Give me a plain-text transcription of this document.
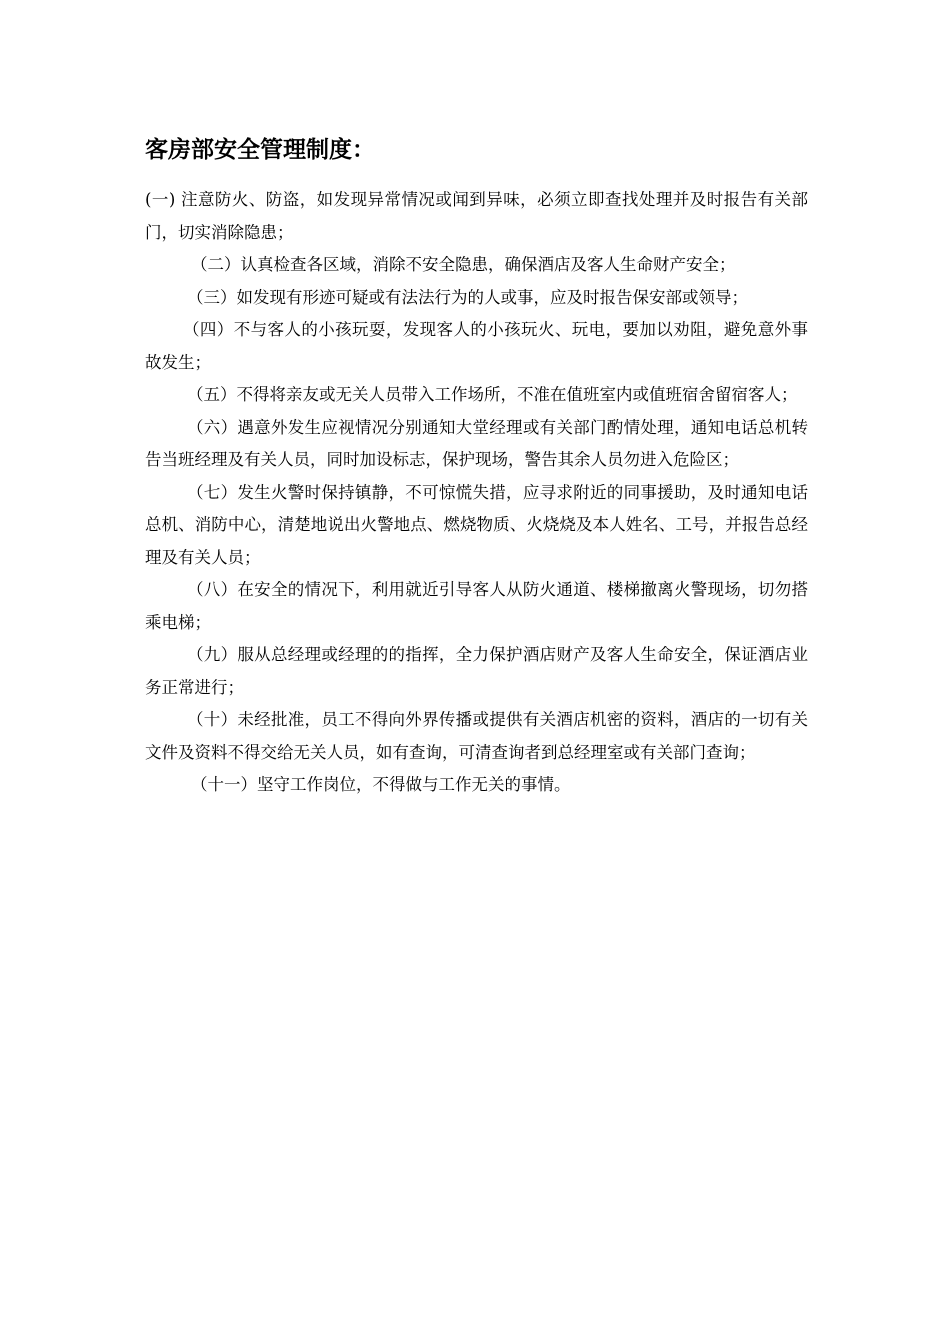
客房部安全管理制度：

(一) 注意防火、防盗，如发现异常情况或闻到异味，必须立即查找处理并及时报告有关部门，切实消除隐患；

（二）认真检查各区域，消除不安全隐患，确保酒店及客人生命财产安全；

（三）如发现有形迹可疑或有法法行为的人或事，应及时报告保安部或领导；

（四）不与客人的小孩玩耍，发现客人的小孩玩火、玩电，要加以劝阻，避免意外事故发生；

（五）不得将亲友或无关人员带入工作场所，不准在值班室内或值班宿舍留宿客人；

（六）遇意外发生应视情况分别通知大堂经理或有关部门酌情处理，通知电话总机转告当班经理及有关人员，同时加设标志，保护现场，警告其余人员勿进入危险区；

（七）发生火警时保持镇静，不可惊慌失措，应寻求附近的同事援助，及时通知电话总机、消防中心，清楚地说出火警地点、燃烧物质、火烧烧及本人姓名、工号，并报告总经理及有关人员；

（八）在安全的情况下，利用就近引导客人从防火通道、楼梯撤离火警现场，切勿搭乘电梯；

（九）服从总经理或经理的的指挥，全力保护酒店财产及客人生命安全，保证酒店业务正常进行；

（十）未经批准，员工不得向外界传播或提供有关酒店机密的资料，酒店的一切有关文件及资料不得交给无关人员，如有查询，可清查询者到总经理室或有关部门查询；

（十一）坚守工作岗位，不得做与工作无关的事情。
